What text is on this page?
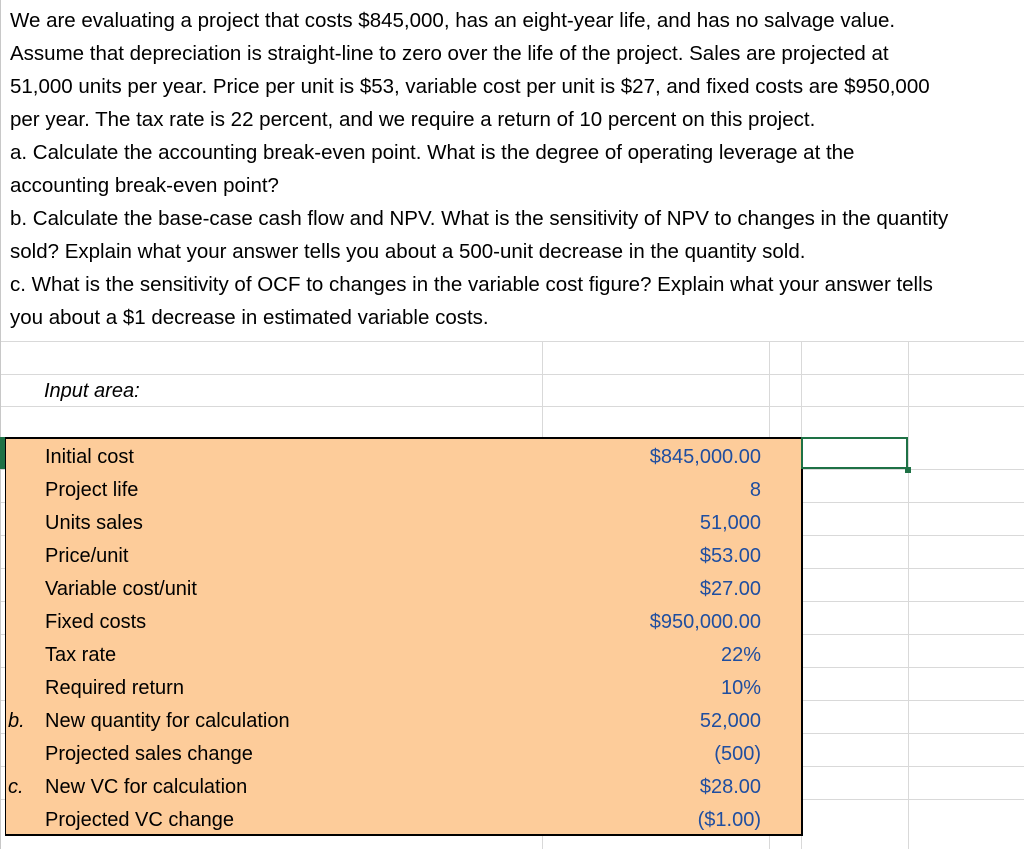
We are evaluating a project that costs $845,000, has an eight-year life, and has no salvage value.
Assume that depreciation is straight-line to zero over the life of the project. Sales are projected at
51,000 units per year. Price per unit is $53, variable cost per unit is $27, and fixed costs are $950,000
per year. The tax rate is 22 percent, and we require a return of 10 percent on this project.
a. Calculate the accounting break-even point. What is the degree of operating leverage at the
accounting break-even point?
b. Calculate the base-case cash flow and NPV. What is the sensitivity of NPV to changes in the quantity
sold? Explain what your answer tells you about a 500-unit decrease in the quantity sold.
c. What is the sensitivity of OCF to changes in the variable cost figure? Explain what your answer tells
you about a $1 decrease in estimated variable costs.
Input area:
Initial cost	$845,000.00
Project life	8
Units sales	51,000
Price/unit	$53.00
Variable cost/unit	$27.00
Fixed costs	$950,000.00
Tax rate	22%
Required return	10%
b. New quantity for calculation	52,000
Projected sales change	(500)
c. New VC for calculation	$28.00
Projected VC change	($1.00)
